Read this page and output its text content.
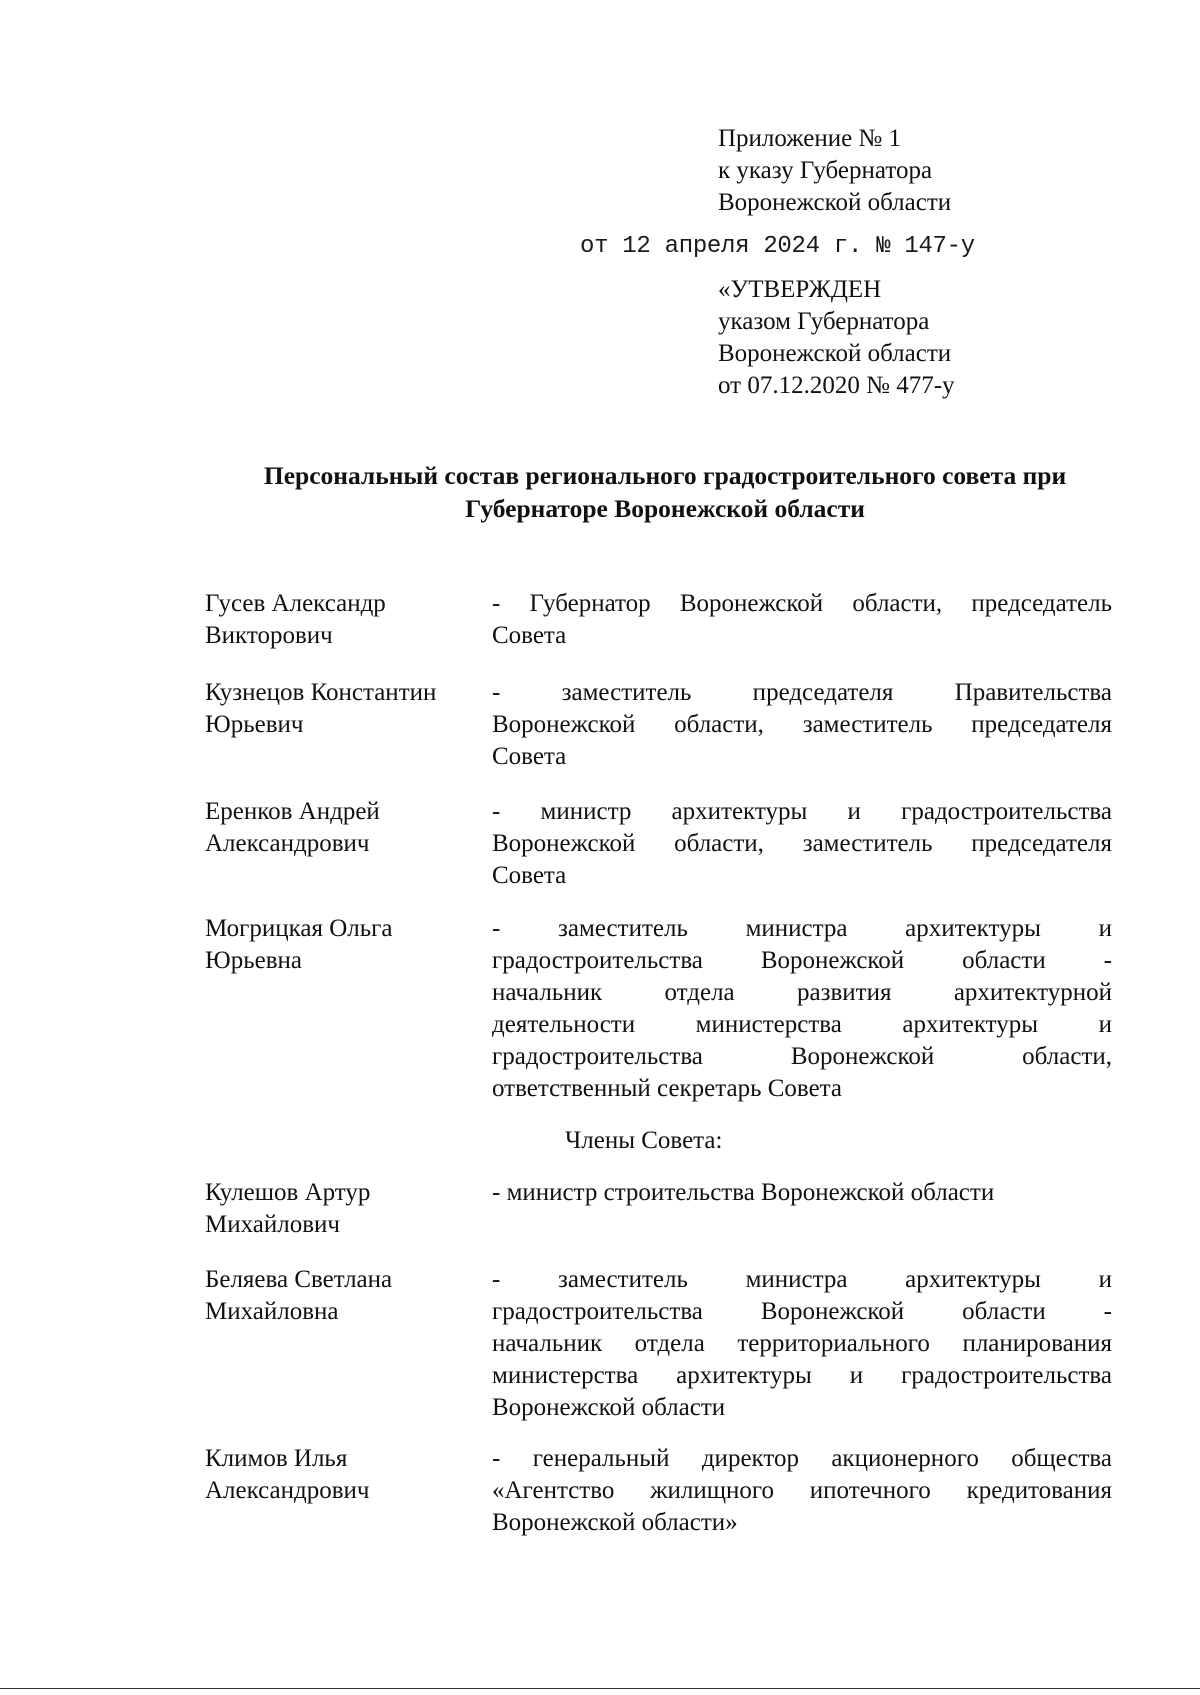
Приложение № 1
к указу Губернатора
Воронежской области
от 12 апреля 2024 г. № 147-у
«УТВЕРЖДЕН
указом Губернатора
Воронежской области
от 07.12.2020 № 477-у
Персональный состав регионального градостроительного совета при
Губернаторе Воронежской области
Гусев Александр
Викторович
- Губернатор Воронежской области, председатель
Совета
Кузнецов Константин
Юрьевич
- заместитель председателя Правительства
Воронежской области, заместитель председателя
Совета
Еренков Андрей
Александрович
- министр архитектуры и градостроительства
Воронежской области, заместитель председателя
Совета
Могрицкая Ольга
Юрьевна
- заместитель министра архитектуры и
градостроительства Воронежской области -
начальник отдела развития архитектурной
деятельности министерства архитектуры и
градостроительства Воронежской области,
ответственный секретарь Совета
Члены Совета:
Кулешов Артур
Михайлович
- министр строительства Воронежской области
Беляева Светлана
Михайловна
- заместитель министра архитектуры и
градостроительства Воронежской области -
начальник отдела территориального планирования
министерства архитектуры и градостроительства
Воронежской области
Климов Илья
Александрович
- генеральный директор акционерного общества
«Агентство жилищного ипотечного кредитования
Воронежской области»
